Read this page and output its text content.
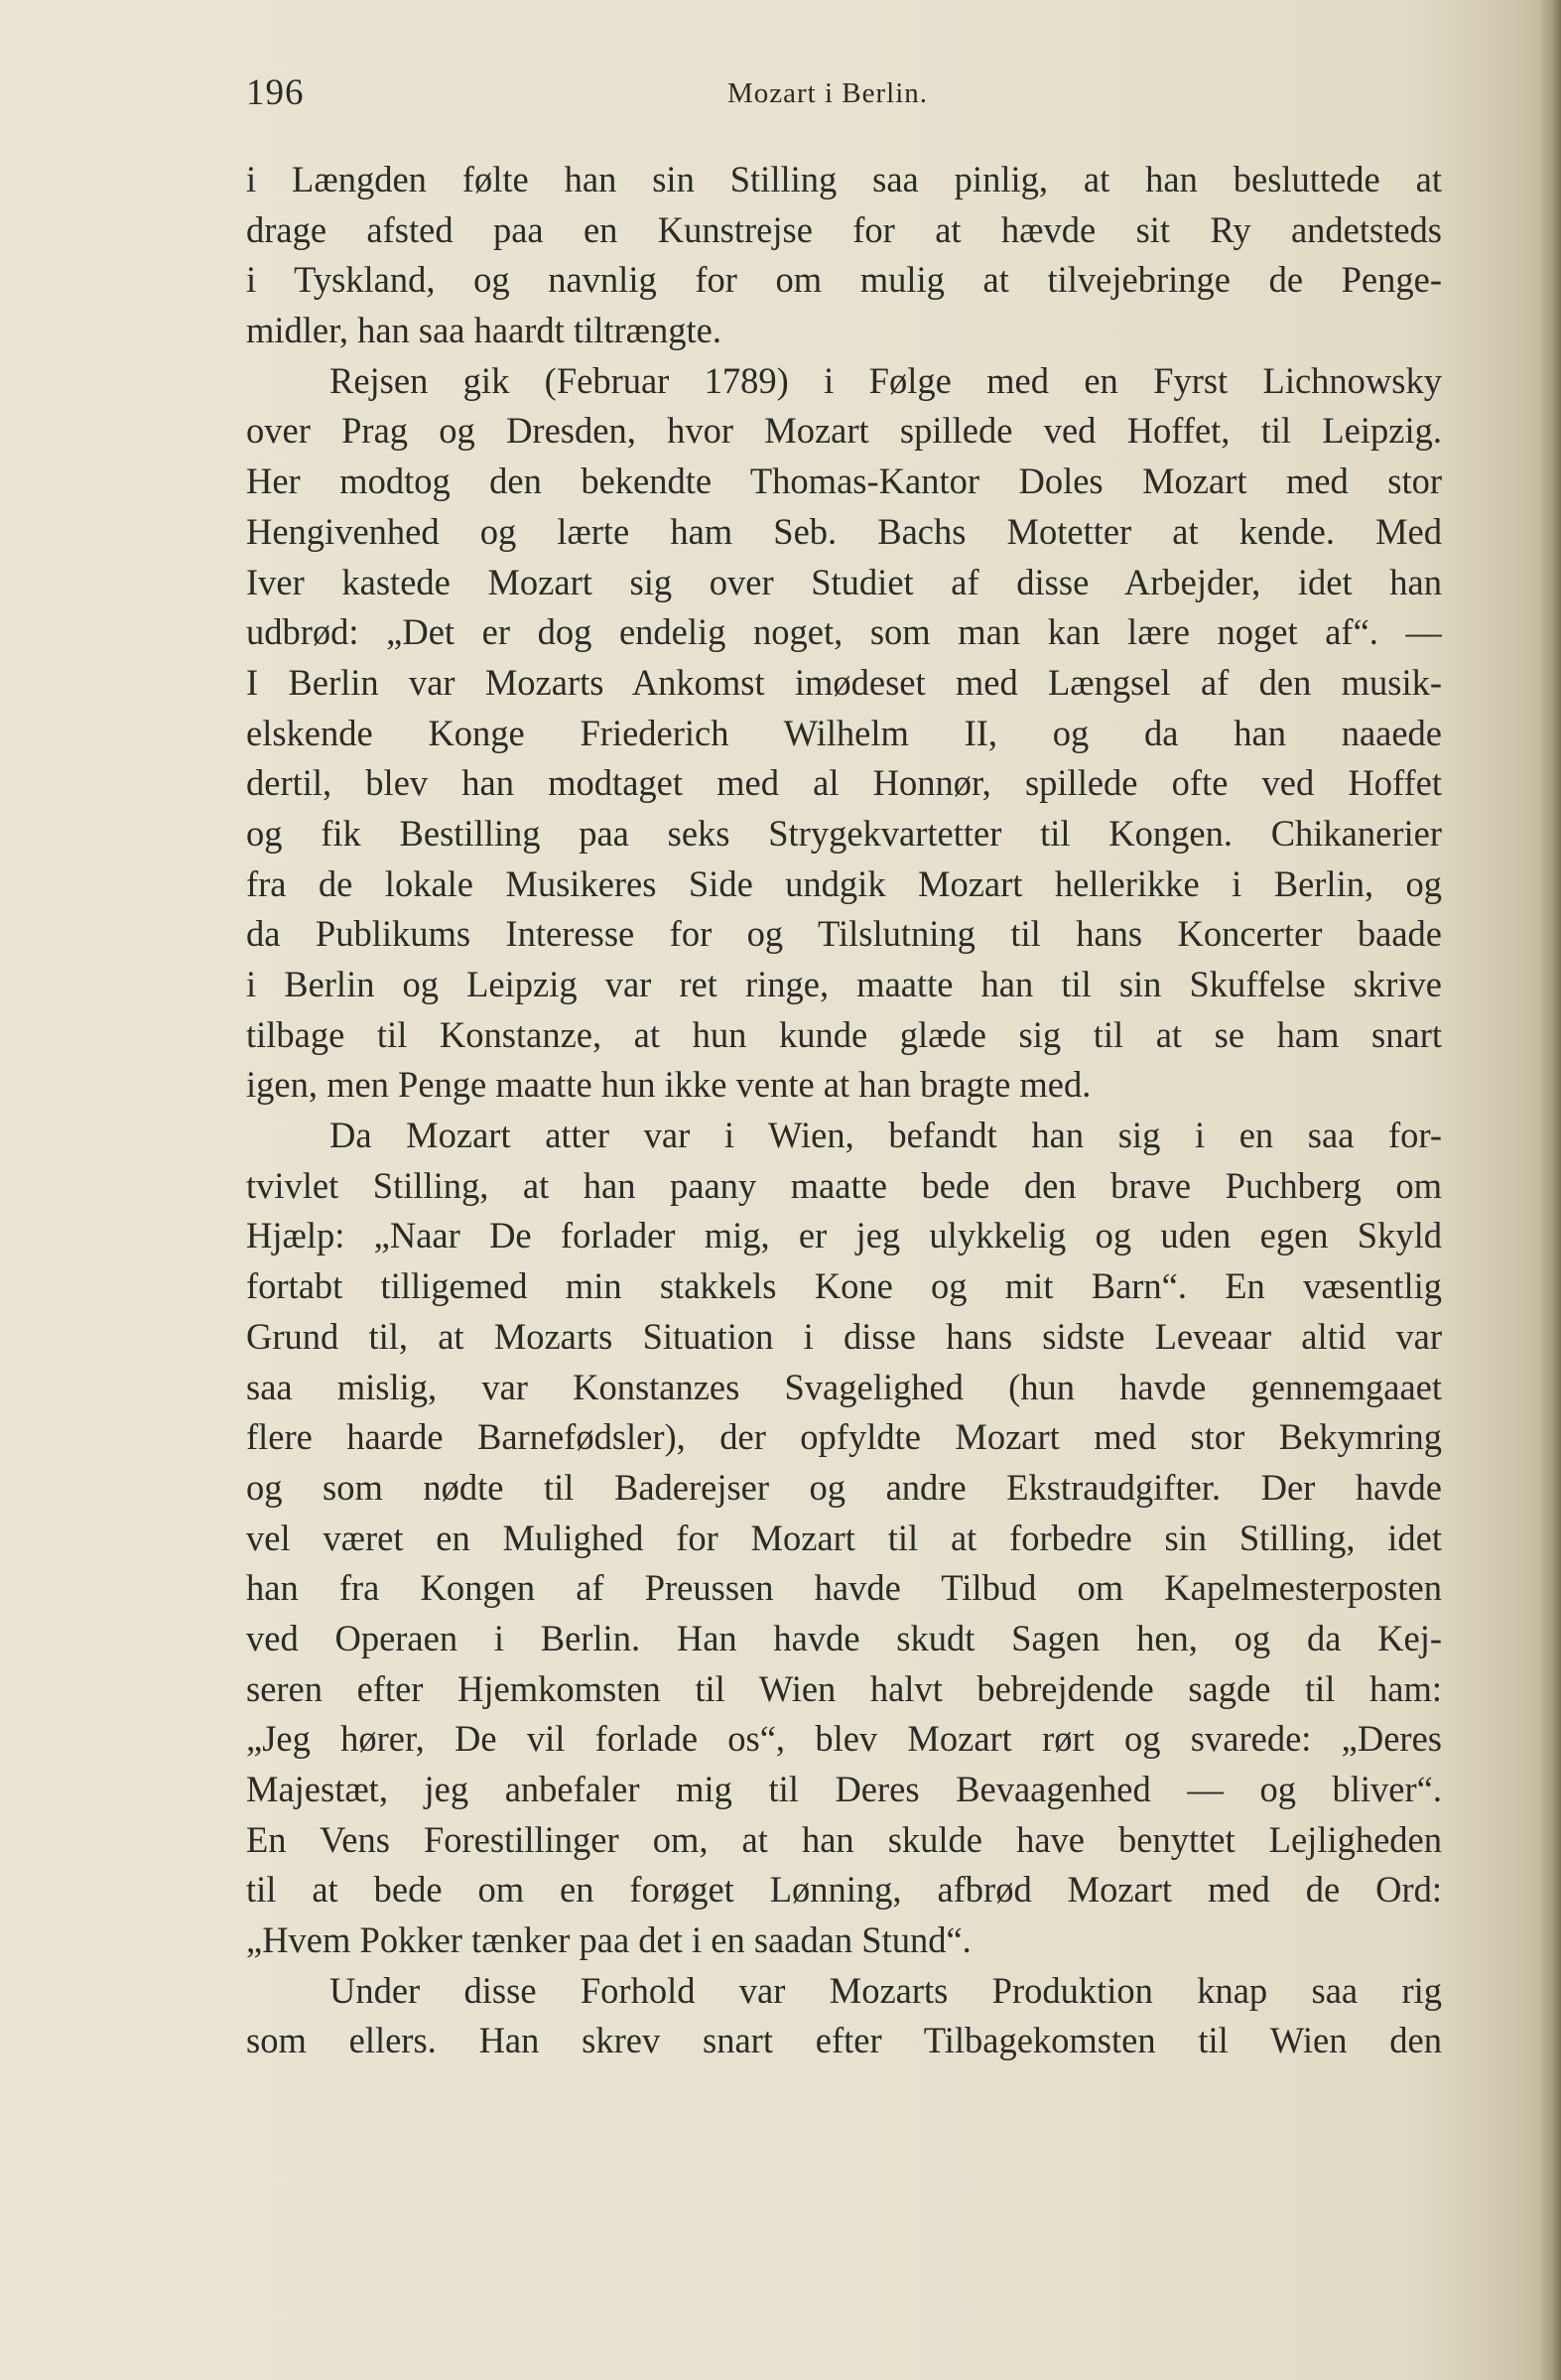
196	Mozart i Berlin.
i Længden følte han sin Stilling saa pinlig, at han besluttede at
drage afsted paa en Kunstrejse for at hævde sit Ry andetsteds
i Tyskland, og navnlig for om mulig at tilvejebringe de Penge-
midler, han saa haardt tiltrængte.
Rejsen gik (Februar 1789) i Følge med en Fyrst Lichnowsky
over Prag og Dresden, hvor Mozart spillede ved Hoffet, til Leipzig.
Her modtog den bekendte Thomas-Kantor Doles Mozart med stor
Hengivenhed og lærte ham Seb. Bachs Motetter at kende. Med
Iver kastede Mozart sig over Studiet af disse Arbejder, idet han
udbrød: „Det er dog endelig noget, som man kan lære noget af“. —
I Berlin var Mozarts Ankomst imødeset med Længsel af den musik-
elskende Konge Friederich Wilhelm II, og da han naaede
dertil, blev han modtaget med al Honnør, spillede ofte ved Hoffet
og fik Bestilling paa seks Strygekvartetter til Kongen. Chikanerier
fra de lokale Musikeres Side undgik Mozart hellerikke i Berlin, og
da Publikums Interesse for og Tilslutning til hans Koncerter baade
i Berlin og Leipzig var ret ringe, maatte han til sin Skuffelse skrive
tilbage til Konstanze, at hun kunde glæde sig til at se ham snart
igen, men Penge maatte hun ikke vente at han bragte med.
Da Mozart atter var i Wien, befandt han sig i en saa for-
tvivlet Stilling, at han paany maatte bede den brave Puchberg om
Hjælp: „Naar De forlader mig, er jeg ulykkelig og uden egen Skyld
fortabt tilligemed min stakkels Kone og mit Barn“. En væsentlig
Grund til, at Mozarts Situation i disse hans sidste Leveaar altid var
saa mislig, var Konstanzes Svagelighed (hun havde gennemgaaet
flere haarde Barnefødsler), der opfyldte Mozart med stor Bekymring
og som nødte til Baderejser og andre Ekstraudgifter. Der havde
vel været en Mulighed for Mozart til at forbedre sin Stilling, idet
han fra Kongen af Preussen havde Tilbud om Kapelmesterposten
ved Operaen i Berlin. Han havde skudt Sagen hen, og da Kej-
seren efter Hjemkomsten til Wien halvt bebrejdende sagde til ham:
„Jeg hører, De vil forlade os“, blev Mozart rørt og svarede: „Deres
Majestæt, jeg anbefaler mig til Deres Bevaagenhed — og bliver“.
En Vens Forestillinger om, at han skulde have benyttet Lejligheden
til at bede om en forøget Lønning, afbrød Mozart med de Ord:
„Hvem Pokker tænker paa det i en saadan Stund“.
Under disse Forhold var Mozarts Produktion knap saa rig
som ellers. Han skrev snart efter Tilbagekomsten til Wien den
